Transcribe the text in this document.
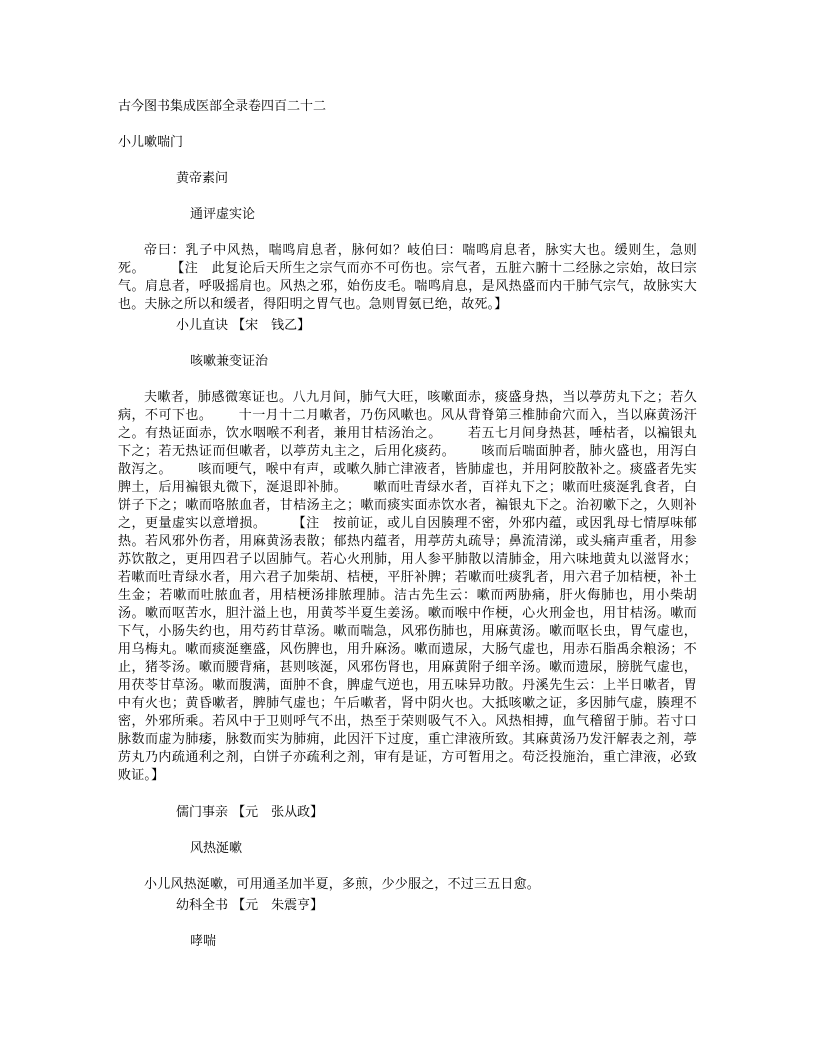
古今图书集成医部全录卷四百二十二

小儿嗽喘门

黄帝素问

通评虚实论

帝曰：乳子中风热，喘鸣肩息者，脉何如？岐伯曰：喘鸣肩息者，脉实大也。缓则生，急则死。 【注　此复论后天所生之宗气而亦不可伤也。宗气者，五脏六腑十二经脉之宗始，故曰宗气。肩息者，呼吸摇肩也。风热之邪，始伤皮毛。喘鸣肩息，是风热盛而内干肺气宗气，故脉实大也。夫脉之所以和缓者，得阳明之胃气也。急则胃氨已绝，故死。】

小儿直诀 【宋　钱乙】

咳嗽兼变证治

夫嗽者，肺感微寒证也。八九月间，肺气大旺，咳嗽面赤，痰盛身热，当以葶苈丸下之；若久病，不可下也。 十一月十二月嗽者，乃伤风嗽也。风从背脊第三椎肺俞穴而入，当以麻黄汤汗之。有热证面赤，饮水咽喉不利者，兼用甘桔汤治之。 若五七月间身热甚，唾枯者，以褊银丸下之；若无热证而但嗽者，以葶苈丸主之，后用化痰药。 咳而后喘面肿者，肺火盛也，用泻白散泻之。 咳而哽气，喉中有声，或嗽久肺亡津液者，皆肺虚也，并用阿胶散补之。痰盛者先实脾土，后用褊银丸微下，涎退即补肺。 嗽而吐青绿水者，百祥丸下之；嗽而吐痰涎乳食者，白饼子下之；嗽而咯脓血者，甘桔汤主之；嗽而痰实面赤饮水者，褊银丸下之。治初嗽下之，久则补之，更量虚实以意增损。 【注　按前证，或儿自因腠理不密，外邪内蕴，或因乳母七情厚味郁热。若风邪外伤者，用麻黄汤表散；郁热内蕴者，用葶苈丸疏导；鼻流清涕，或头痛声重者，用参苏饮散之，更用四君子以固肺气。若心火刑肺，用人参平肺散以清肺金，用六味地黄丸以滋肾水；若嗽而吐青绿水者，用六君子加柴胡、桔梗，平肝补脾；若嗽而吐痰乳者，用六君子加桔梗，补土生金；若嗽而吐脓血者，用桔梗汤排脓理肺。洁古先生云：嗽而两胁痛，肝火侮肺也，用小柴胡汤。嗽而呕苦水，胆汁溢上也，用黄芩半夏生姜汤。嗽而喉中作梗，心火刑金也，用甘桔汤。嗽而下气，小肠失约也，用芍药甘草汤。嗽而喘急，风邪伤肺也，用麻黄汤。嗽而呕长虫，胃气虚也，用乌梅丸。嗽而痰涎壅盛，风伤脾也，用升麻汤。嗽而遗尿，大肠气虚也，用赤石脂禹余粮汤；不止，猪苓汤。嗽而腰背痛，甚则咳涎，风邪伤肾也，用麻黄附子细辛汤。嗽而遗尿，膀胱气虚也，用茯苓甘草汤。嗽而腹满，面肿不食，脾虚气逆也，用五味异功散。丹溪先生云：上半日嗽者，胃中有火也；黄昏嗽者，脾肺气虚也；午后嗽者，肾中阴火也。大抵咳嗽之证，多因肺气虚，腠理不密，外邪所乘。若风中于卫则呼气不出，热至于荣则吸气不入。风热相搏，血气稽留于肺。若寸口脉数而虚为肺痿，脉数而实为肺痈，此因汗下过度，重亡津液所致。其麻黄汤乃发汗解表之剂，葶苈丸乃内疏通利之剂，白饼子亦疏利之剂，审有是证，方可暂用之。苟泛投施治，重亡津液，必致败证。】

儒门事亲 【元　张从政】

风热涎嗽

小儿风热涎嗽，可用通圣加半夏，多煎，少少服之，不过三五日愈。

幼科全书 【元　朱震亨】

哮喘
